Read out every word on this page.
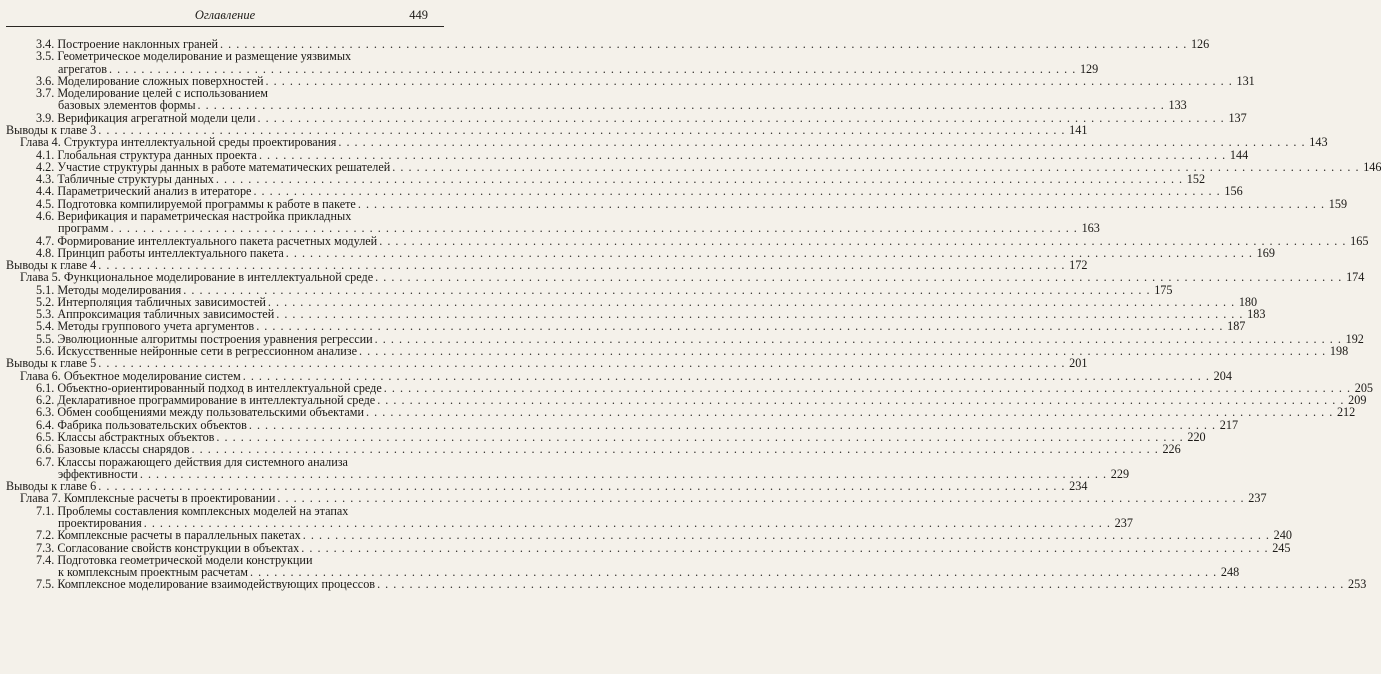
Оглавление	449
3.4. Построение наклонных граней . . . . . . . . . . . . . . . . . . . . . . . . . . . . . . . . . . . . . . . . . . . . . . . . . . . . . . . . . . . . . . . . . . . . . . . . . . . . . . . . . . . . . . . . . . . . . . . . . . . . . . . . . . . . . . . . . . . . . . . . 126
3.5. Геометрическое моделирование и размещение уязвимых
агрегатов . . . . . . . . . . . . . . . . . . . . . . . . . . . . . . . . . . . . . . . . . . . . . . . . . . . . . . . . . . . . . . . . . . . . . . . . . . . . . . . . . . . . . . . . . . . . . . . . . . . . . . . . . . . . . . . . . . . . . . . . 129
3.6. Моделирование сложных поверхностей . . . . . . . . . . . . . . . . . . . . . . . . . . . . . . . . . . . . . . . . . . . . . . . . . . . . . . . . . . . . . . . . . . . . . . . . . . . . . . . . . . . . . . . . . . . . . . . . . . . . . . . . . . . . . . . . . . . . . . . . 131
3.7. Моделирование целей с использованием
базовых элементов формы . . . . . . . . . . . . . . . . . . . . . . . . . . . . . . . . . . . . . . . . . . . . . . . . . . . . . . . . . . . . . . . . . . . . . . . . . . . . . . . . . . . . . . . . . . . . . . . . . . . . . . . . . . . . . . . . . . . . . . . . 133
3.9. Верификация агрегатной модели цели . . . . . . . . . . . . . . . . . . . . . . . . . . . . . . . . . . . . . . . . . . . . . . . . . . . . . . . . . . . . . . . . . . . . . . . . . . . . . . . . . . . . . . . . . . . . . . . . . . . . . . . . . . . . . . . . . . . . . . . . 137
Выводы к главе 3 . . . . . . . . . . . . . . . . . . . . . . . . . . . . . . . . . . . . . . . . . . . . . . . . . . . . . . . . . . . . . . . . . . . . . . . . . . . . . . . . . . . . . . . . . . . . . . . . . . . . . . . . . . . . . . . . . . . . . . . . 141
Глава 4. Структура интеллектуальной среды проектирования . . . . . . . . . . . . . . . . . . . . . . . . . . . . . . . . . . . . . . . . . . . . . . . . . . . . . . . . . . . . . . . . . . . . . . . . . . . . . . . . . . . . . . . . . . . . . . . . . . . . . . . . . . . . . . . . . . . . . . . . 143
4.1. Глобальная структура данных проекта . . . . . . . . . . . . . . . . . . . . . . . . . . . . . . . . . . . . . . . . . . . . . . . . . . . . . . . . . . . . . . . . . . . . . . . . . . . . . . . . . . . . . . . . . . . . . . . . . . . . . . . . . . . . . . . . . . . . . . . . 144
4.2. Участие структуры данных в работе математических решателей . . . . . . . . . . . . . . . . . . . . . . . . . . . . . . . . . . . . . . . . . . . . . . . . . . . . . . . . . . . . . . . . . . . . . . . . . . . . . . . . . . . . . . . . . . . . . . . . . . . . . . . . . . . . . . . . . . . . . . . . 146
4.3. Табличные структуры данных . . . . . . . . . . . . . . . . . . . . . . . . . . . . . . . . . . . . . . . . . . . . . . . . . . . . . . . . . . . . . . . . . . . . . . . . . . . . . . . . . . . . . . . . . . . . . . . . . . . . . . . . . . . . . . . . . . . . . . . . 152
4.4. Параметрический анализ в итераторе . . . . . . . . . . . . . . . . . . . . . . . . . . . . . . . . . . . . . . . . . . . . . . . . . . . . . . . . . . . . . . . . . . . . . . . . . . . . . . . . . . . . . . . . . . . . . . . . . . . . . . . . . . . . . . . . . . . . . . . . 156
4.5. Подготовка компилируемой программы к работе в пакете . . . . . . . . . . . . . . . . . . . . . . . . . . . . . . . . . . . . . . . . . . . . . . . . . . . . . . . . . . . . . . . . . . . . . . . . . . . . . . . . . . . . . . . . . . . . . . . . . . . . . . . . . . . . . . . . . . . . . . . . 159
4.6. Верификация и параметрическая настройка прикладных
программ . . . . . . . . . . . . . . . . . . . . . . . . . . . . . . . . . . . . . . . . . . . . . . . . . . . . . . . . . . . . . . . . . . . . . . . . . . . . . . . . . . . . . . . . . . . . . . . . . . . . . . . . . . . . . . . . . . . . . . . . 163
4.7. Формирование интеллектуального пакета расчетных модулей . . . . . . . . . . . . . . . . . . . . . . . . . . . . . . . . . . . . . . . . . . . . . . . . . . . . . . . . . . . . . . . . . . . . . . . . . . . . . . . . . . . . . . . . . . . . . . . . . . . . . . . . . . . . . . . . . . . . . . . . 165
4.8. Принцип работы интеллектуального пакета . . . . . . . . . . . . . . . . . . . . . . . . . . . . . . . . . . . . . . . . . . . . . . . . . . . . . . . . . . . . . . . . . . . . . . . . . . . . . . . . . . . . . . . . . . . . . . . . . . . . . . . . . . . . . . . . . . . . . . . . 169
Выводы к главе 4 . . . . . . . . . . . . . . . . . . . . . . . . . . . . . . . . . . . . . . . . . . . . . . . . . . . . . . . . . . . . . . . . . . . . . . . . . . . . . . . . . . . . . . . . . . . . . . . . . . . . . . . . . . . . . . . . . . . . . . . . 172
Глава 5. Функциональное моделирование в интеллектуальной среде . . . . . . . . . . . . . . . . . . . . . . . . . . . . . . . . . . . . . . . . . . . . . . . . . . . . . . . . . . . . . . . . . . . . . . . . . . . . . . . . . . . . . . . . . . . . . . . . . . . . . . . . . . . . . . . . . . . . . . . . 174
5.1. Методы моделирования . . . . . . . . . . . . . . . . . . . . . . . . . . . . . . . . . . . . . . . . . . . . . . . . . . . . . . . . . . . . . . . . . . . . . . . . . . . . . . . . . . . . . . . . . . . . . . . . . . . . . . . . . . . . . . . . . . . . . . . . 175
5.2. Интерполяция табличных зависимостей . . . . . . . . . . . . . . . . . . . . . . . . . . . . . . . . . . . . . . . . . . . . . . . . . . . . . . . . . . . . . . . . . . . . . . . . . . . . . . . . . . . . . . . . . . . . . . . . . . . . . . . . . . . . . . . . . . . . . . . . 180
5.3. Аппроксимация табличных зависимостей . . . . . . . . . . . . . . . . . . . . . . . . . . . . . . . . . . . . . . . . . . . . . . . . . . . . . . . . . . . . . . . . . . . . . . . . . . . . . . . . . . . . . . . . . . . . . . . . . . . . . . . . . . . . . . . . . . . . . . . . 183
5.4. Методы группового учета аргументов . . . . . . . . . . . . . . . . . . . . . . . . . . . . . . . . . . . . . . . . . . . . . . . . . . . . . . . . . . . . . . . . . . . . . . . . . . . . . . . . . . . . . . . . . . . . . . . . . . . . . . . . . . . . . . . . . . . . . . . . 187
5.5. Эволюционные алгоритмы построения уравнения регрессии . . . . . . . . . . . . . . . . . . . . . . . . . . . . . . . . . . . . . . . . . . . . . . . . . . . . . . . . . . . . . . . . . . . . . . . . . . . . . . . . . . . . . . . . . . . . . . . . . . . . . . . . . . . . . . . . . . . . . . . . 192
5.6. Искусственные нейронные сети в регрессионном анализе . . . . . . . . . . . . . . . . . . . . . . . . . . . . . . . . . . . . . . . . . . . . . . . . . . . . . . . . . . . . . . . . . . . . . . . . . . . . . . . . . . . . . . . . . . . . . . . . . . . . . . . . . . . . . . . . . . . . . . . . 198
Выводы к главе 5 . . . . . . . . . . . . . . . . . . . . . . . . . . . . . . . . . . . . . . . . . . . . . . . . . . . . . . . . . . . . . . . . . . . . . . . . . . . . . . . . . . . . . . . . . . . . . . . . . . . . . . . . . . . . . . . . . . . . . . . . 201
Глава 6. Объектное моделирование систем . . . . . . . . . . . . . . . . . . . . . . . . . . . . . . . . . . . . . . . . . . . . . . . . . . . . . . . . . . . . . . . . . . . . . . . . . . . . . . . . . . . . . . . . . . . . . . . . . . . . . . . . . . . . . . . . . . . . . . . . 204
6.1. Объектно-ориентированный подход в интеллектуальной среде . . . . . . . . . . . . . . . . . . . . . . . . . . . . . . . . . . . . . . . . . . . . . . . . . . . . . . . . . . . . . . . . . . . . . . . . . . . . . . . . . . . . . . . . . . . . . . . . . . . . . . . . . . . . . . . . . . . . . . . . 205
6.2. Декларативное программирование в интеллектуальной среде . . . . . . . . . . . . . . . . . . . . . . . . . . . . . . . . . . . . . . . . . . . . . . . . . . . . . . . . . . . . . . . . . . . . . . . . . . . . . . . . . . . . . . . . . . . . . . . . . . . . . . . . . . . . . . . . . . . . . . . . 209
6.3. Обмен сообщениями между пользовательскими объектами . . . . . . . . . . . . . . . . . . . . . . . . . . . . . . . . . . . . . . . . . . . . . . . . . . . . . . . . . . . . . . . . . . . . . . . . . . . . . . . . . . . . . . . . . . . . . . . . . . . . . . . . . . . . . . . . . . . . . . . . 212
6.4. Фабрика пользовательских объектов . . . . . . . . . . . . . . . . . . . . . . . . . . . . . . . . . . . . . . . . . . . . . . . . . . . . . . . . . . . . . . . . . . . . . . . . . . . . . . . . . . . . . . . . . . . . . . . . . . . . . . . . . . . . . . . . . . . . . . . . 217
6.5. Классы абстрактных объектов . . . . . . . . . . . . . . . . . . . . . . . . . . . . . . . . . . . . . . . . . . . . . . . . . . . . . . . . . . . . . . . . . . . . . . . . . . . . . . . . . . . . . . . . . . . . . . . . . . . . . . . . . . . . . . . . . . . . . . . . 220
6.6. Базовые классы снарядов . . . . . . . . . . . . . . . . . . . . . . . . . . . . . . . . . . . . . . . . . . . . . . . . . . . . . . . . . . . . . . . . . . . . . . . . . . . . . . . . . . . . . . . . . . . . . . . . . . . . . . . . . . . . . . . . . . . . . . . . 226
6.7. Классы поражающего действия для системного анализа
эффективности . . . . . . . . . . . . . . . . . . . . . . . . . . . . . . . . . . . . . . . . . . . . . . . . . . . . . . . . . . . . . . . . . . . . . . . . . . . . . . . . . . . . . . . . . . . . . . . . . . . . . . . . . . . . . . . . . . . . . . . . 229
Выводы к главе 6 . . . . . . . . . . . . . . . . . . . . . . . . . . . . . . . . . . . . . . . . . . . . . . . . . . . . . . . . . . . . . . . . . . . . . . . . . . . . . . . . . . . . . . . . . . . . . . . . . . . . . . . . . . . . . . . . . . . . . . . . 234
Глава 7. Комплексные расчеты в проектировании . . . . . . . . . . . . . . . . . . . . . . . . . . . . . . . . . . . . . . . . . . . . . . . . . . . . . . . . . . . . . . . . . . . . . . . . . . . . . . . . . . . . . . . . . . . . . . . . . . . . . . . . . . . . . . . . . . . . . . . . 237
7.1. Проблемы составления комплексных моделей на этапах
проектирования . . . . . . . . . . . . . . . . . . . . . . . . . . . . . . . . . . . . . . . . . . . . . . . . . . . . . . . . . . . . . . . . . . . . . . . . . . . . . . . . . . . . . . . . . . . . . . . . . . . . . . . . . . . . . . . . . . . . . . . . 237
7.2. Комплексные расчеты в параллельных пакетах . . . . . . . . . . . . . . . . . . . . . . . . . . . . . . . . . . . . . . . . . . . . . . . . . . . . . . . . . . . . . . . . . . . . . . . . . . . . . . . . . . . . . . . . . . . . . . . . . . . . . . . . . . . . . . . . . . . . . . . . 240
7.3. Согласование свойств конструкции в объектах . . . . . . . . . . . . . . . . . . . . . . . . . . . . . . . . . . . . . . . . . . . . . . . . . . . . . . . . . . . . . . . . . . . . . . . . . . . . . . . . . . . . . . . . . . . . . . . . . . . . . . . . . . . . . . . . . . . . . . . . 245
7.4. Подготовка геометрической модели конструкции
к комплексным проектным расчетам . . . . . . . . . . . . . . . . . . . . . . . . . . . . . . . . . . . . . . . . . . . . . . . . . . . . . . . . . . . . . . . . . . . . . . . . . . . . . . . . . . . . . . . . . . . . . . . . . . . . . . . . . . . . . . . . . . . . . . . . 248
7.5. Комплексное моделирование взаимодействующих процессов . . . . . . . . . . . . . . . . . . . . . . . . . . . . . . . . . . . . . . . . . . . . . . . . . . . . . . . . . . . . . . . . . . . . . . . . . . . . . . . . . . . . . . . . . . . . . . . . . . . . . . . . . . . . . . . . . . . . . . . . 253
